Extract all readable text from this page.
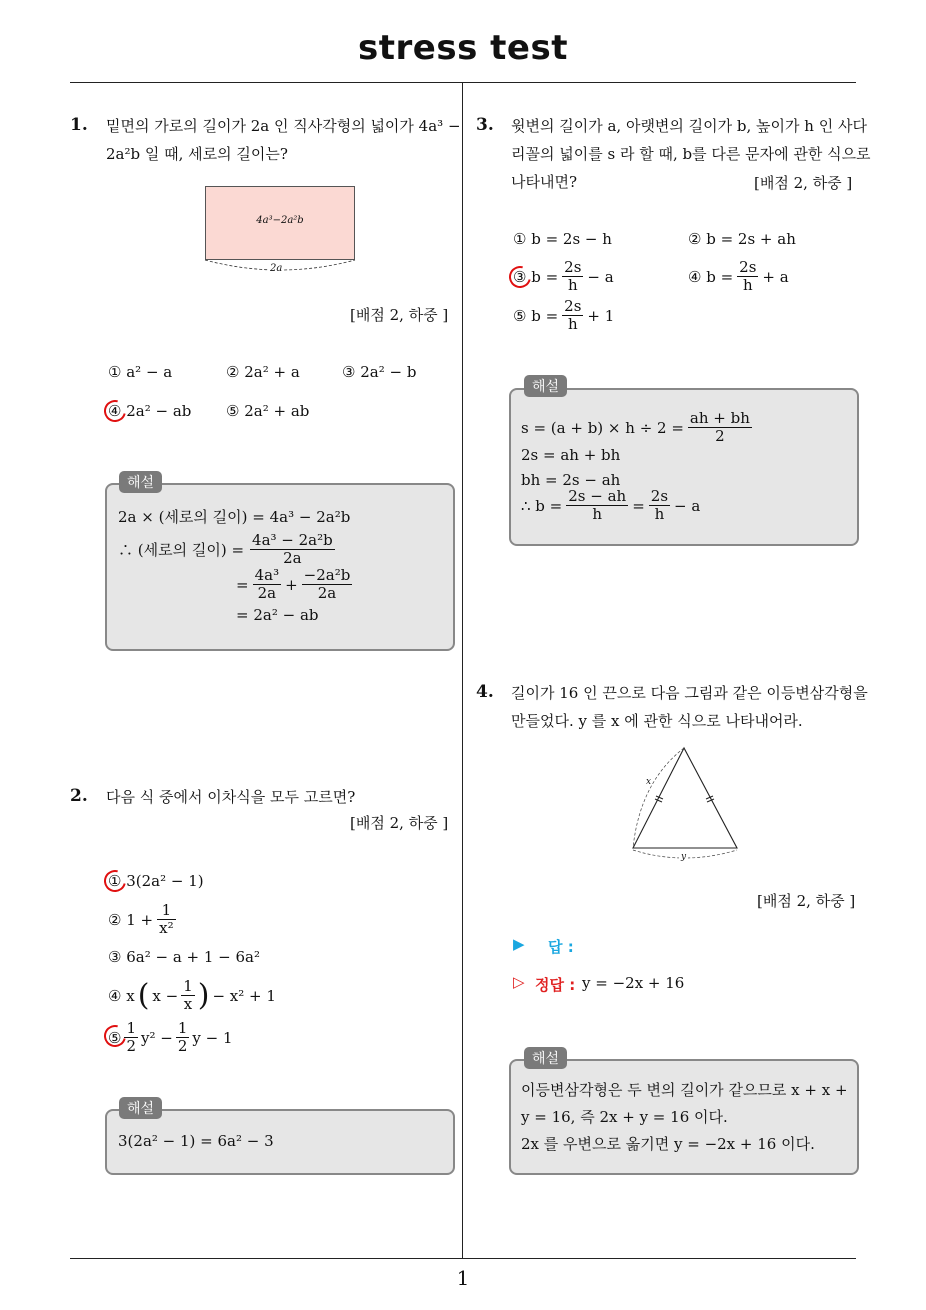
stress test
1
1. 밑면의 가로의 길이가 2a 인 직사각형의 넓이가 4a³ −
2a²b 일 때, 세로의 길이는?
4a³−2a²b
2a
[배점 2, 하중 ]
① a² − a	② 2a² + a	③ 2a² − b
④ 2a² − ab ⑤ 2a² + ab
해설
2a × (세로의 길이) = 4a³ − 2a²b
∴ (세로의 길이) = $\frac{\text{4a³ − 2a²b}}{2a}$
= $\frac{\text{4a³}}{2a} + \frac{\text{−2a²b}}{2a}$
= 2a² − ab
2. 다음 식 중에서 이차식을 모두 고르면?
[배점 2, 하중 ]
① 3(2a² − 1)
② $1 + \frac{1}{\text{x²}}$
③ 6a² − a + 1 − 6a²
④ x ( $x - \frac{1}{x}$ ) − x² + 1
⑤ $\frac{1}{2} y^2 - \frac{1}{2}$ y − 1
해설
3(2a² − 1) = 6a² − 3
3. 윗변의 길이가 a, 아랫변의 길이가 b, 높이가 h 인 사다
리꼴의 넓이를 s 라 할 때, b를 다른 문자에 관한 식으로
나타내면?	[배점 2, 하중 ]
① b = 2s − h	② b = 2s + ah
③ $b = \frac{2s}{h} - a$	④ $b = \frac{2s}{h} + a$
⑤ $b = \frac{2s}{h} + 1$
해설
$s = (a + b) \times h \div 2 = \frac{ah + bh}{2}$
2s = ah + bh
bh = 2s − ah
∴ $b = \frac{2s - ah}{h} = \frac{2s}{h} - a$
4. 길이가 16 인 끈으로 다음 그림과 같은 이등변삼각형을
만들었다. y 를 x 에 관한 식으로 나타내어라.
x
y
[배점 2, 하중 ]
▶ 답 :
▷ 정답 : y = −2x + 16
해설
이등변삼각형은 두 변의 길이가 같으므로 x + x +
y = 16, 즉 2x + y = 16 이다.
2x 를 우변으로 옮기면 y = −2x + 16 이다.
